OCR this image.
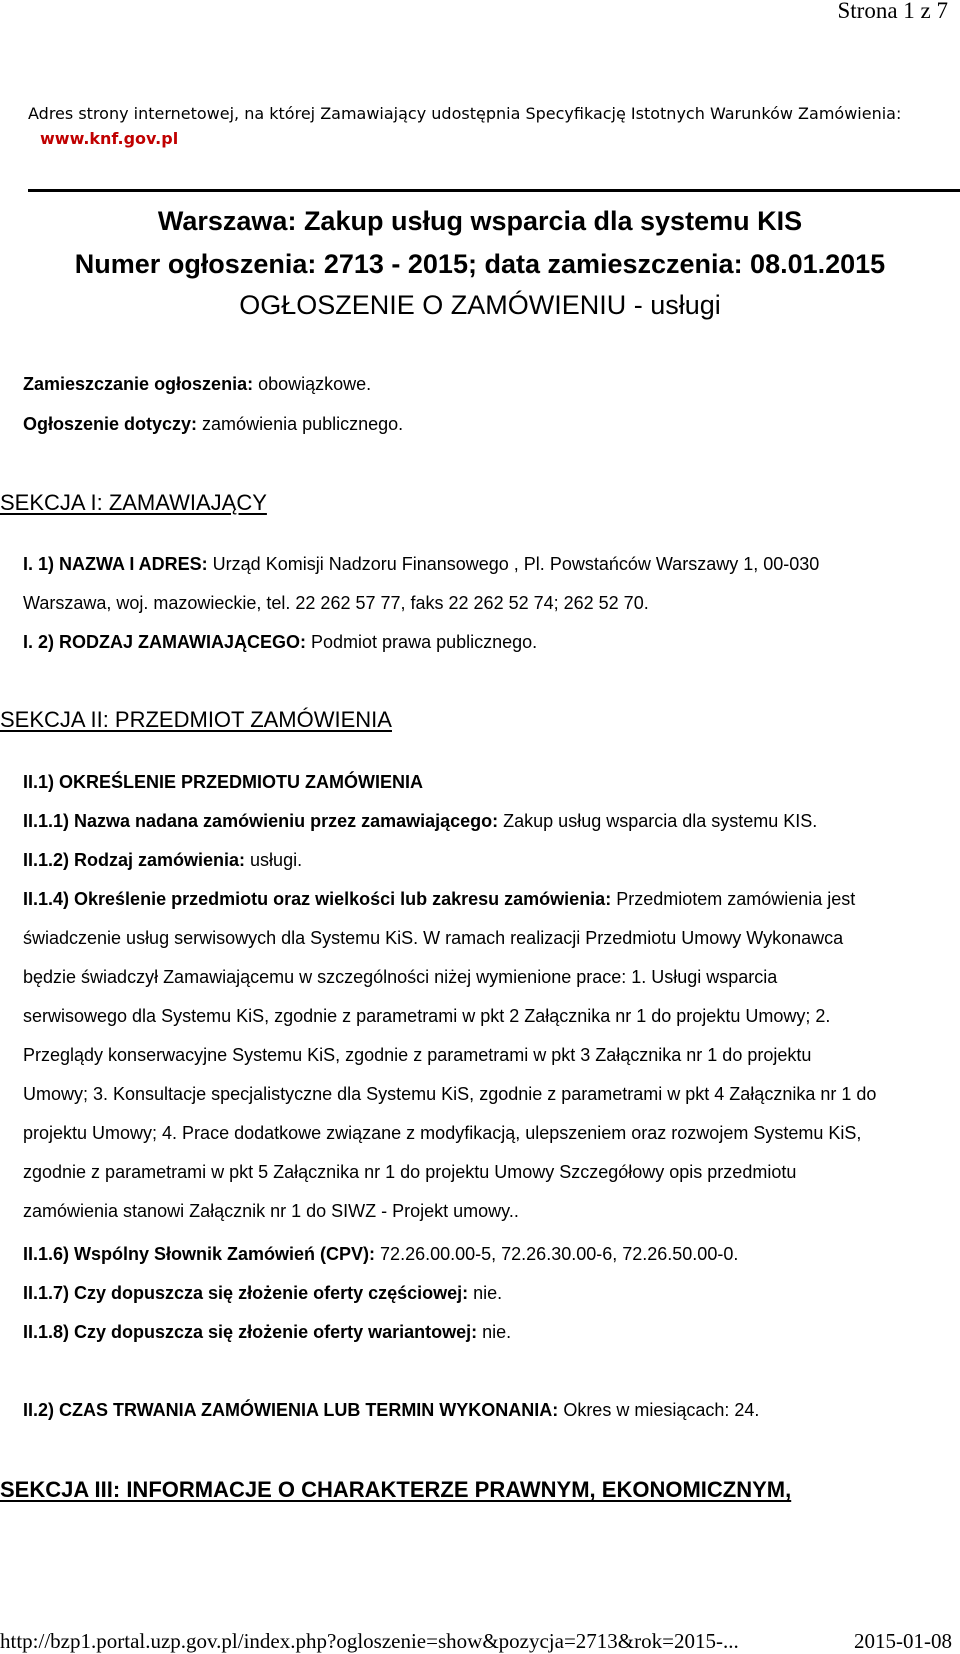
Strona 1 z 7
Adres strony internetowej, na której Zamawiający udostępnia Specyfikację Istotnych Warunków Zamówienia:
www.knf.gov.pl
Warszawa: Zakup usług wsparcia dla systemu KIS
Numer ogłoszenia: 2713 - 2015; data zamieszczenia: 08.01.2015
OGŁOSZENIE O ZAMÓWIENIU - usługi
Zamieszczanie ogłoszenia: obowiązkowe.
Ogłoszenie dotyczy: zamówienia publicznego.
SEKCJA I: ZAMAWIAJĄCY
I. 1) NAZWA I ADRES: Urząd Komisji Nadzoru Finansowego , Pl. Powstańców Warszawy 1, 00-030
Warszawa, woj. mazowieckie, tel. 22 262 57 77, faks 22 262 52 74; 262 52 70.
I. 2) RODZAJ ZAMAWIAJĄCEGO: Podmiot prawa publicznego.
SEKCJA II: PRZEDMIOT ZAMÓWIENIA
II.1) OKREŚLENIE PRZEDMIOTU ZAMÓWIENIA
II.1.1) Nazwa nadana zamówieniu przez zamawiającego: Zakup usług wsparcia dla systemu KIS.
II.1.2) Rodzaj zamówienia: usługi.
II.1.4) Określenie przedmiotu oraz wielkości lub zakresu zamówienia: Przedmiotem zamówienia jest
świadczenie usług serwisowych dla Systemu KiS. W ramach realizacji Przedmiotu Umowy Wykonawca
będzie świadczył Zamawiającemu w szczególności niżej wymienione prace: 1. Usługi wsparcia
serwisowego dla Systemu KiS, zgodnie z parametrami w pkt 2 Załącznika nr 1 do projektu Umowy; 2.
Przeglądy konserwacyjne Systemu KiS, zgodnie z parametrami w pkt 3 Załącznika nr 1 do projektu
Umowy; 3. Konsultacje specjalistyczne dla Systemu KiS, zgodnie z parametrami w pkt 4 Załącznika nr 1 do
projektu Umowy; 4. Prace dodatkowe związane z modyfikacją, ulepszeniem oraz rozwojem Systemu KiS,
zgodnie z parametrami w pkt 5 Załącznika nr 1 do projektu Umowy Szczegółowy opis przedmiotu
zamówienia stanowi Załącznik nr 1 do SIWZ - Projekt umowy..
II.1.6) Wspólny Słownik Zamówień (CPV): 72.26.00.00-5, 72.26.30.00-6, 72.26.50.00-0.
II.1.7) Czy dopuszcza się złożenie oferty częściowej: nie.
II.1.8) Czy dopuszcza się złożenie oferty wariantowej: nie.
II.2) CZAS TRWANIA ZAMÓWIENIA LUB TERMIN WYKONANIA: Okres w miesiącach: 24.
SEKCJA III: INFORMACJE O CHARAKTERZE PRAWNYM, EKONOMICZNYM,
http://bzp1.portal.uzp.gov.pl/index.php?ogloszenie=show&pozycja=2713&rok=2015-...	2015-01-08
